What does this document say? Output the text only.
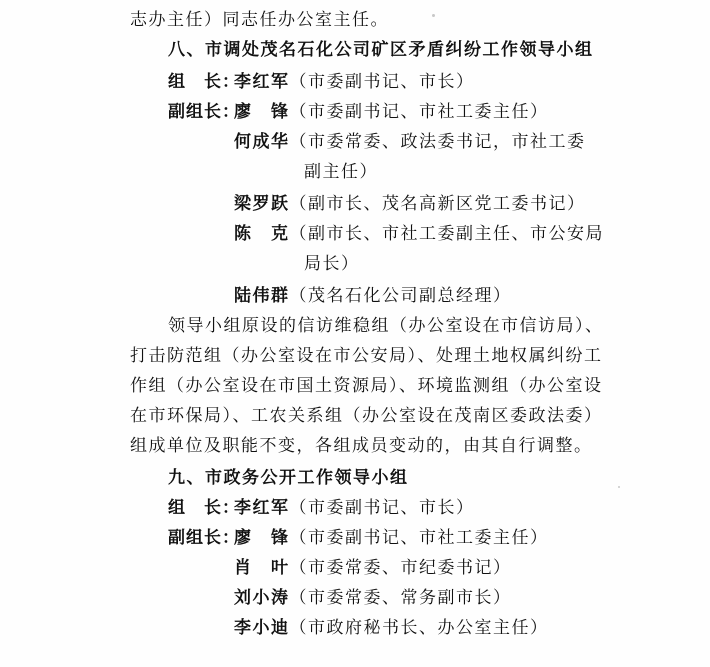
志办主任）同志任办公室主任。
八、市调处茂名石化公司矿区矛盾纠纷工作领导小组
组　长：
李红军（市委副书记、市长）
副组长：
廖　锋（市委副书记、市社工委主任）
何成华（市委常委、政法委书记，市社工委
副主任）
梁罗跃（副市长、茂名高新区党工委书记）
陈　克（副市长、市社工委副主任、市公安局
局长）
陆伟群（茂名石化公司副总经理）
领导小组原设的信访维稳组（办公室设在市信访局）、
打击防范组（办公室设在市公安局）、处理土地权属纠纷工
作组（办公室设在市国土资源局）、环境监测组（办公室设
在市环保局）、工农关系组（办公室设在茂南区委政法委）
组成单位及职能不变，各组成员变动的，由其自行调整。
九、市政务公开工作领导小组
组　长：
李红军（市委副书记、市长）
副组长：
廖　锋（市委副书记、市社工委主任）
肖　叶（市委常委、市纪委书记）
刘小涛（市委常委、常务副市长）
李小迪（市政府秘书长、办公室主任）
